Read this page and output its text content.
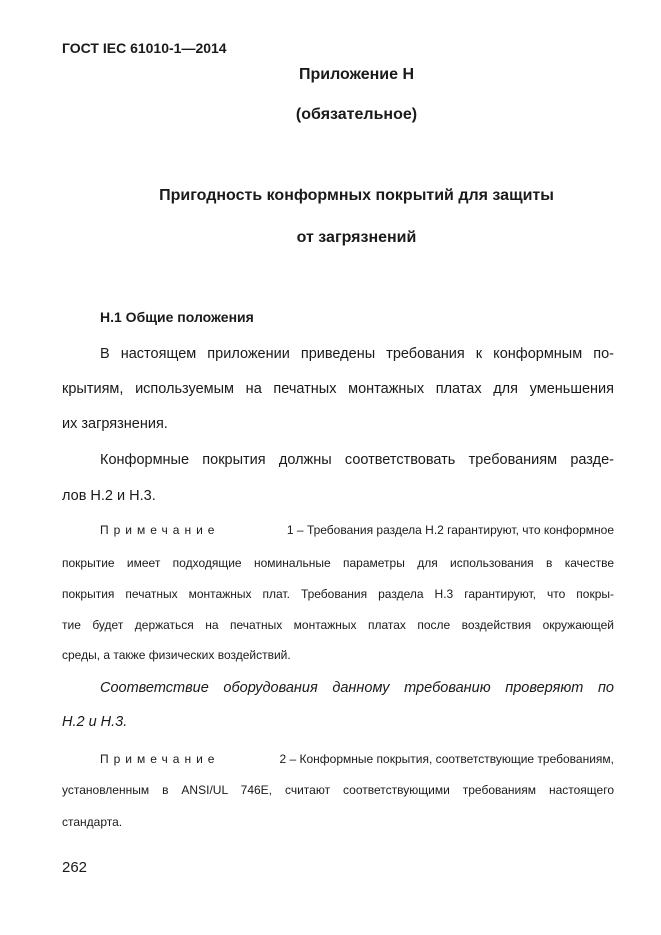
ГОСТ IEC 61010-1—2014
Приложение Н
(обязательное)
Пригодность конформных покрытий для защиты
от загрязнений
Н.1 Общие положения
В настоящем приложении приведены требования к конформным по-
крытиям, используемым на печатных монтажных платах для уменьшения
их загрязнения.
Конформные покрытия должны соответствовать требованиям разде-
лов Н.2 и Н.3.
Примечание	1 – Требования раздела Н.2 гарантируют, что конформное
покрытие имеет подходящие номинальные параметры для использования в качестве
покрытия печатных монтажных плат. Требования раздела Н.3 гарантируют, что покры-
тие будет держаться на печатных монтажных платах после воздействия окружающей
среды, а также физических воздействий.
Соответствие оборудования данному требованию проверяют по
Н.2 и Н.3.
Примечание	2 – Конформные покрытия, соответствующие требованиям,
установленным в ANSI/UL 746E, считают соответствующими требованиям настоящего
стандарта.
262
